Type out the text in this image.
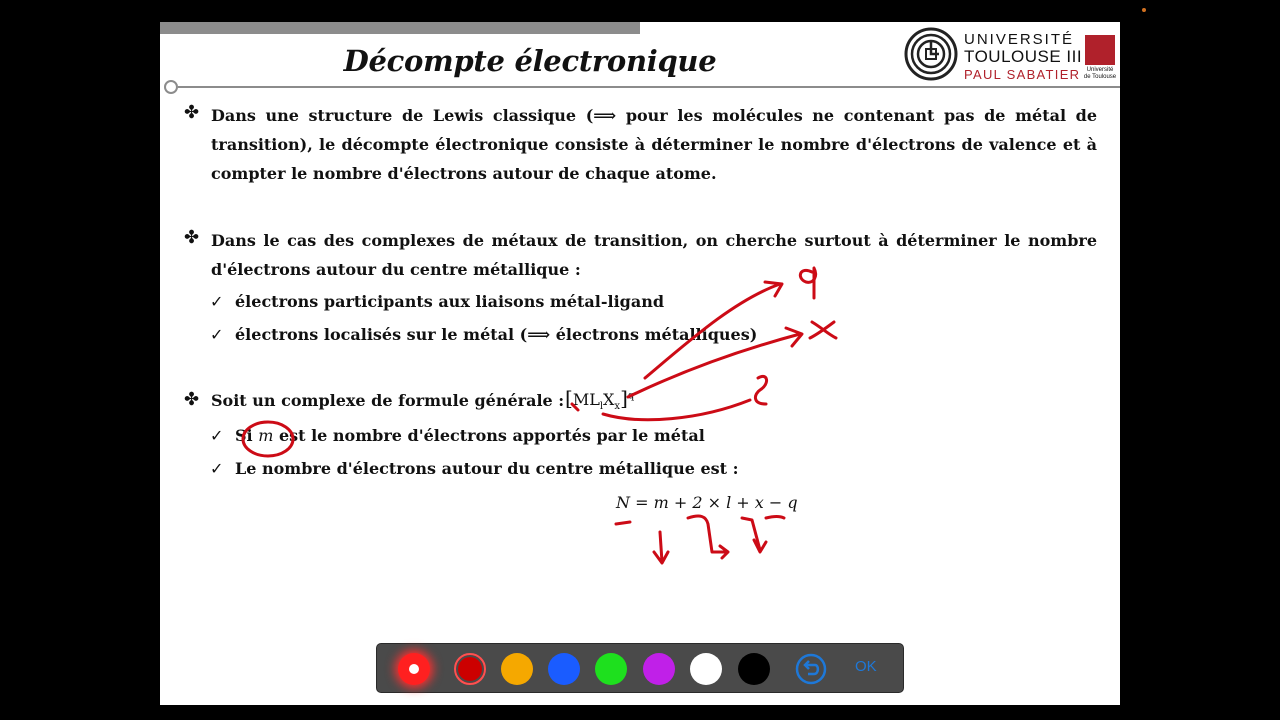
Décompte électronique
UNIVERSITÉ
TOULOUSE III
PAUL SABATIER	Université de Toulouse
✤ Dans une structure de Lewis classique (⟹ pour les molécules ne contenant pas de métal de transition), le décompte électronique consiste à déterminer le nombre d'électrons de valence et à compter le nombre d'électrons autour de chaque atome.
✤ Dans le cas des complexes de métaux de transition, on cherche surtout à déterminer le nombre d'électrons autour du centre métallique :
✓ électrons participants aux liaisons métal-ligand
✓ électrons localisés sur le métal (⟹ électrons métalliques)
✤ Soit un complexe de formule générale : $[ML_lX_x]^q$
✓ Si m est le nombre d'électrons apportés par le métal
✓ Le nombre d'électrons autour du centre métallique est :
N = m + 2 × l + x − q
OK
